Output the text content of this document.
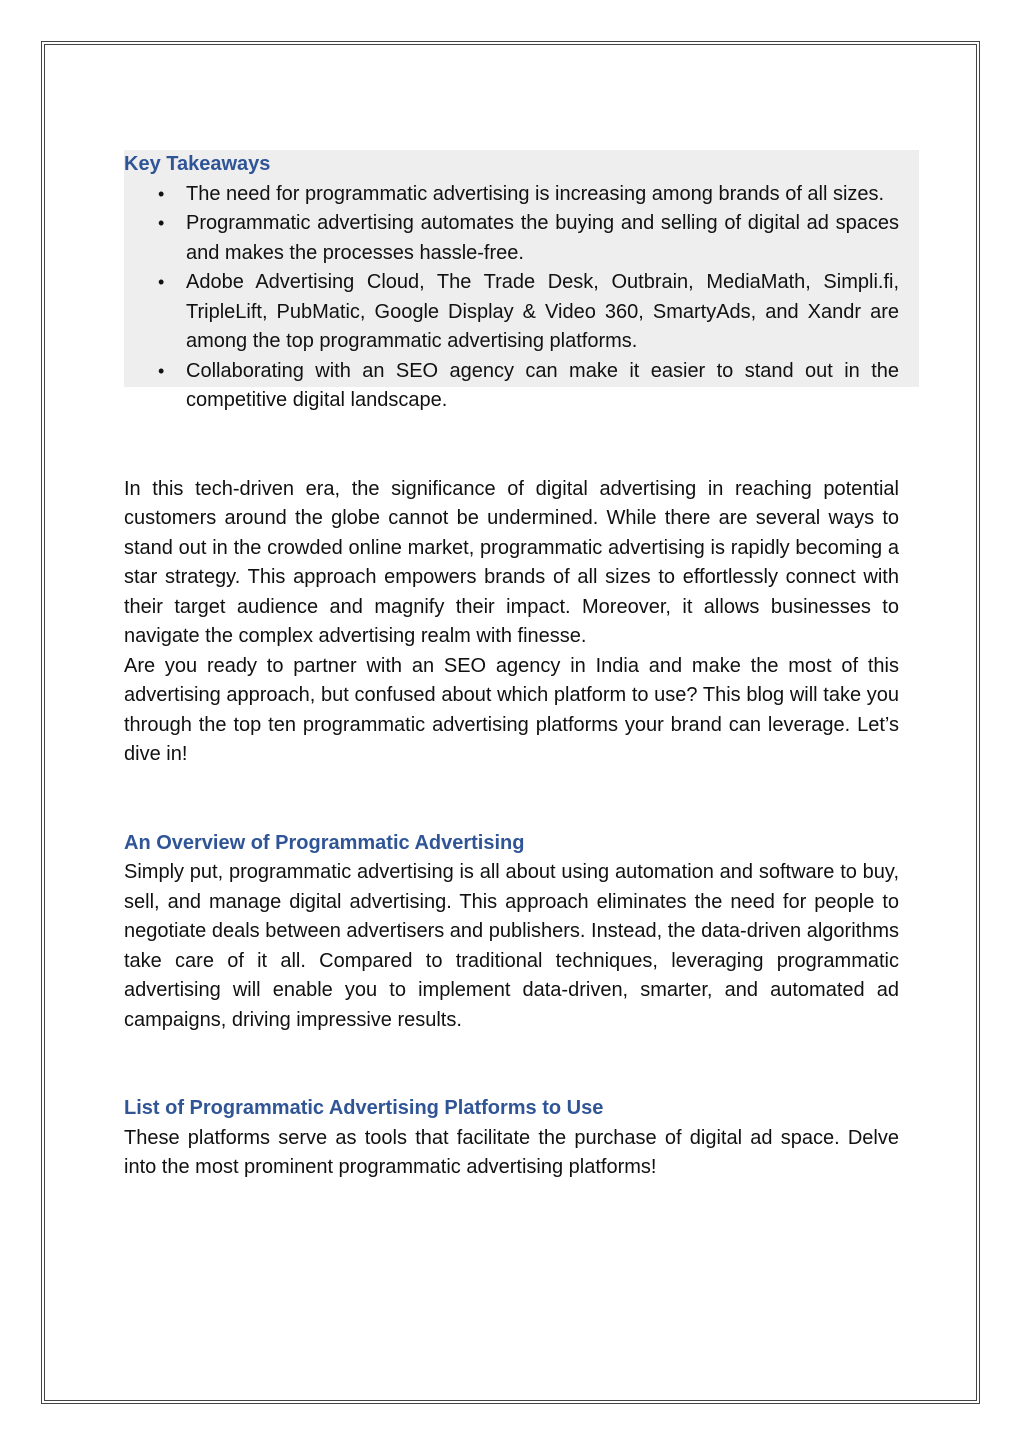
Key Takeaways
• The need for programmatic advertising is increasing among brands of all sizes.
• Programmatic advertising automates the buying and selling of digital ad spaces and makes the processes hassle-free.
• Adobe Advertising Cloud, The Trade Desk, Outbrain, MediaMath, Simpli.fi, TripleLift, PubMatic, Google Display & Video 360, SmartyAds, and Xandr are among the top programmatic advertising platforms.
• Collaborating with an SEO agency can make it easier to stand out in the competitive digital landscape.

In this tech-driven era, the significance of digital advertising in reaching potential customers around the globe cannot be undermined. While there are several ways to stand out in the crowded online market, programmatic advertising is rapidly becoming a star strategy. This approach empowers brands of all sizes to effortlessly connect with their target audience and magnify their impact. Moreover, it allows businesses to navigate the complex advertising realm with finesse.

Are you ready to partner with an SEO agency in India and make the most of this advertising approach, but confused about which platform to use? This blog will take you through the top ten programmatic advertising platforms your brand can leverage. Let’s dive in!

An Overview of Programmatic Advertising

Simply put, programmatic advertising is all about using automation and software to buy, sell, and manage digital advertising. This approach eliminates the need for people to negotiate deals between advertisers and publishers. Instead, the data-driven algorithms take care of it all. Compared to traditional techniques, leveraging programmatic advertising will enable you to implement data-driven, smarter, and automated ad campaigns, driving impressive results.

List of Programmatic Advertising Platforms to Use

These platforms serve as tools that facilitate the purchase of digital ad space. Delve into the most prominent programmatic advertising platforms!
